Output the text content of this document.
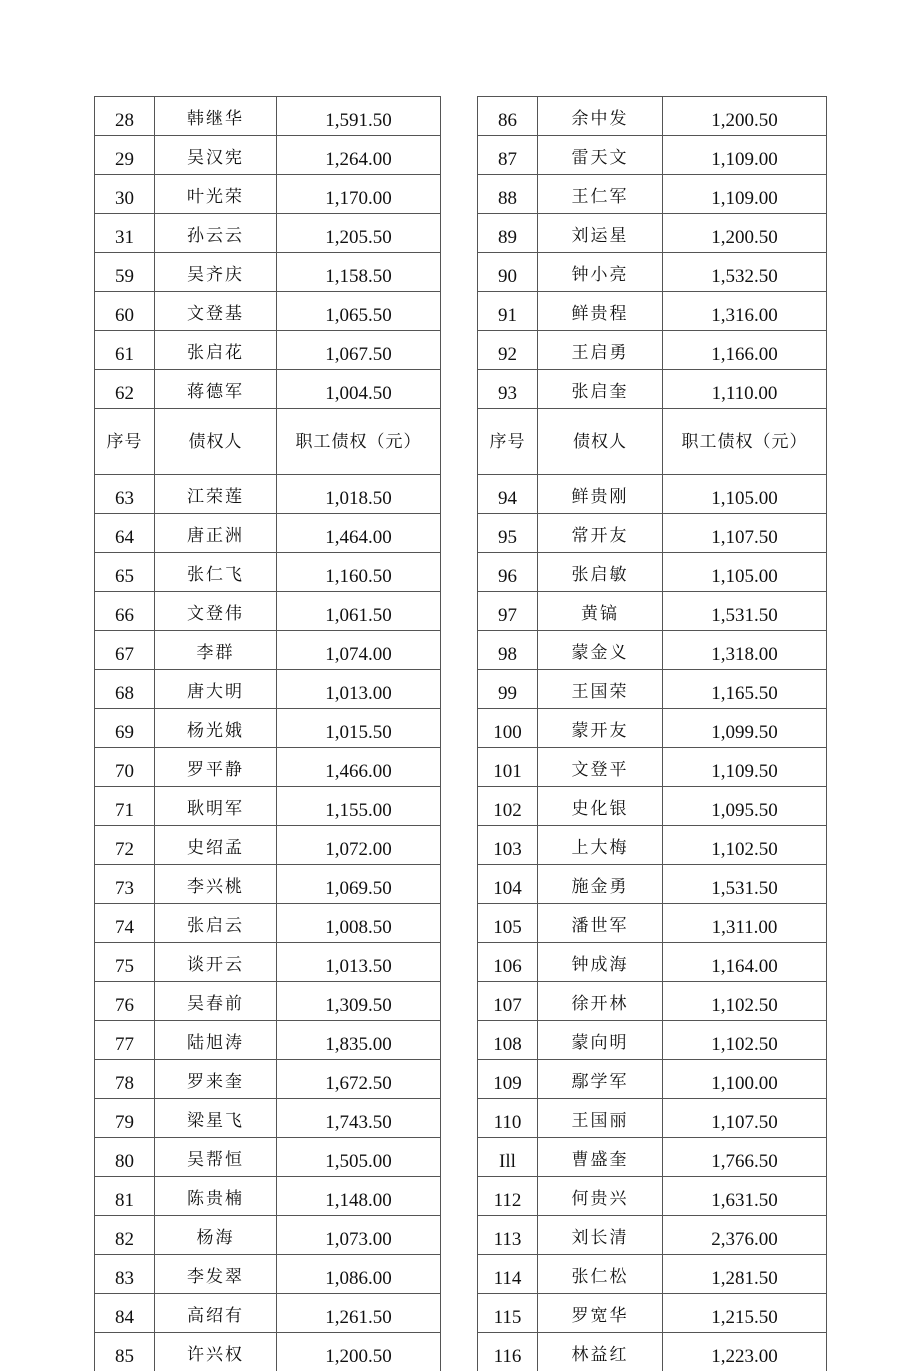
28	韩继华	1,591.50
29	吴汉宪	1,264.00
30	叶光荣	1,170.00
31	孙云云	1,205.50
59	吴齐庆	1,158.50
60	文登基	1,065.50
61	张启花	1,067.50
62	蒋德军	1,004.50
序号	债权人	职工债权（元）
63	江荣莲	1,018.50
64	唐正洲	1,464.00
65	张仁飞	1,160.50
66	文登伟	1,061.50
67	李群	1,074.00
68	唐大明	1,013.00
69	杨光娥	1,015.50
70	罗平静	1,466.00
71	耿明军	1,155.00
72	史绍孟	1,072.00
73	李兴桃	1,069.50
74	张启云	1,008.50
75	谈开云	1,013.50
76	吴春前	1,309.50
77	陆旭涛	1,835.00
78	罗来奎	1,672.50
79	梁星飞	1,743.50
80	吴帮恒	1,505.00
81	陈贵楠	1,148.00
82	杨海	1,073.00
83	李发翠	1,086.00
84	高绍有	1,261.50
85	许兴权	1,200.50
86	余中发	1,200.50
87	雷天文	1,109.00
88	王仁军	1,109.00
89	刘运星	1,200.50
90	钟小亮	1,532.50
91	鲜贵程	1,316.00
92	王启勇	1,166.00
93	张启奎	1,110.00
序号	债权人	职工债权（元）
94	鲜贵刚	1,105.00
95	常开友	1,107.50
96	张启敏	1,105.00
97	黄镐	1,531.50
98	蒙金义	1,318.00
99	王国荣	1,165.50
100	蒙开友	1,099.50
101	文登平	1,109.50
102	史化银	1,095.50
103	上大梅	1,102.50
104	施金勇	1,531.50
105	潘世军	1,311.00
106	钟成海	1,164.00
107	徐开林	1,102.50
108	蒙向明	1,102.50
109	鄢学军	1,100.00
110	王国丽	1,107.50
Ill	曹盛奎	1,766.50
112	何贵兴	1,631.50
113	刘长清	2,376.00
114	张仁松	1,281.50
115	罗宽华	1,215.50
116	林益红	1,223.00
